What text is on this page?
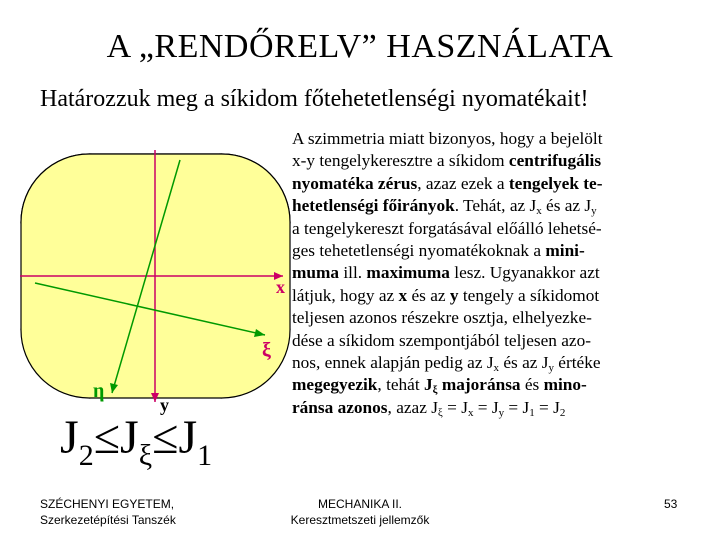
A „RENDŐRELV” HASZNÁLATA
Határozzuk meg a síkidom főtehetetlenségi nyomatékait!
x
y
ξ
η
$J_2\le J_\xi\le J_1$
A szimmetria miatt bizonyos, hogy a bejelölt
x-y tengelykeresztre a síkidom centrifugális
nyomatéka zérus, azaz ezek a tengelyek te-
hetetlenségi főirányok. Tehát, az $J_x$ és az $J_y$
a tengelykereszt forgatásával előálló lehetsé-
ges tehetetlenségi nyomatékoknak a mini-
muma ill. maximuma lesz. Ugyanakkor azt
látjuk, hogy az x és az y tengely a síkidomot
teljesen azonos részekre osztja, elhelyezke-
dése a síkidom szempontjából teljesen azo-
nos, ennek alapján pedig az $J_x$ és az $J_y$ értéke
megegyezik, tehát $J_\xi$ majoránsa és mino-
ránsa azonos, azaz $J_\xi = J_x = J_y = J_1 = J_2$
SZÉCHENYI EGYETEM,
Szerkezetépítési Tanszék
MECHANIKA II.
Keresztmetszeti jellemzők
53
